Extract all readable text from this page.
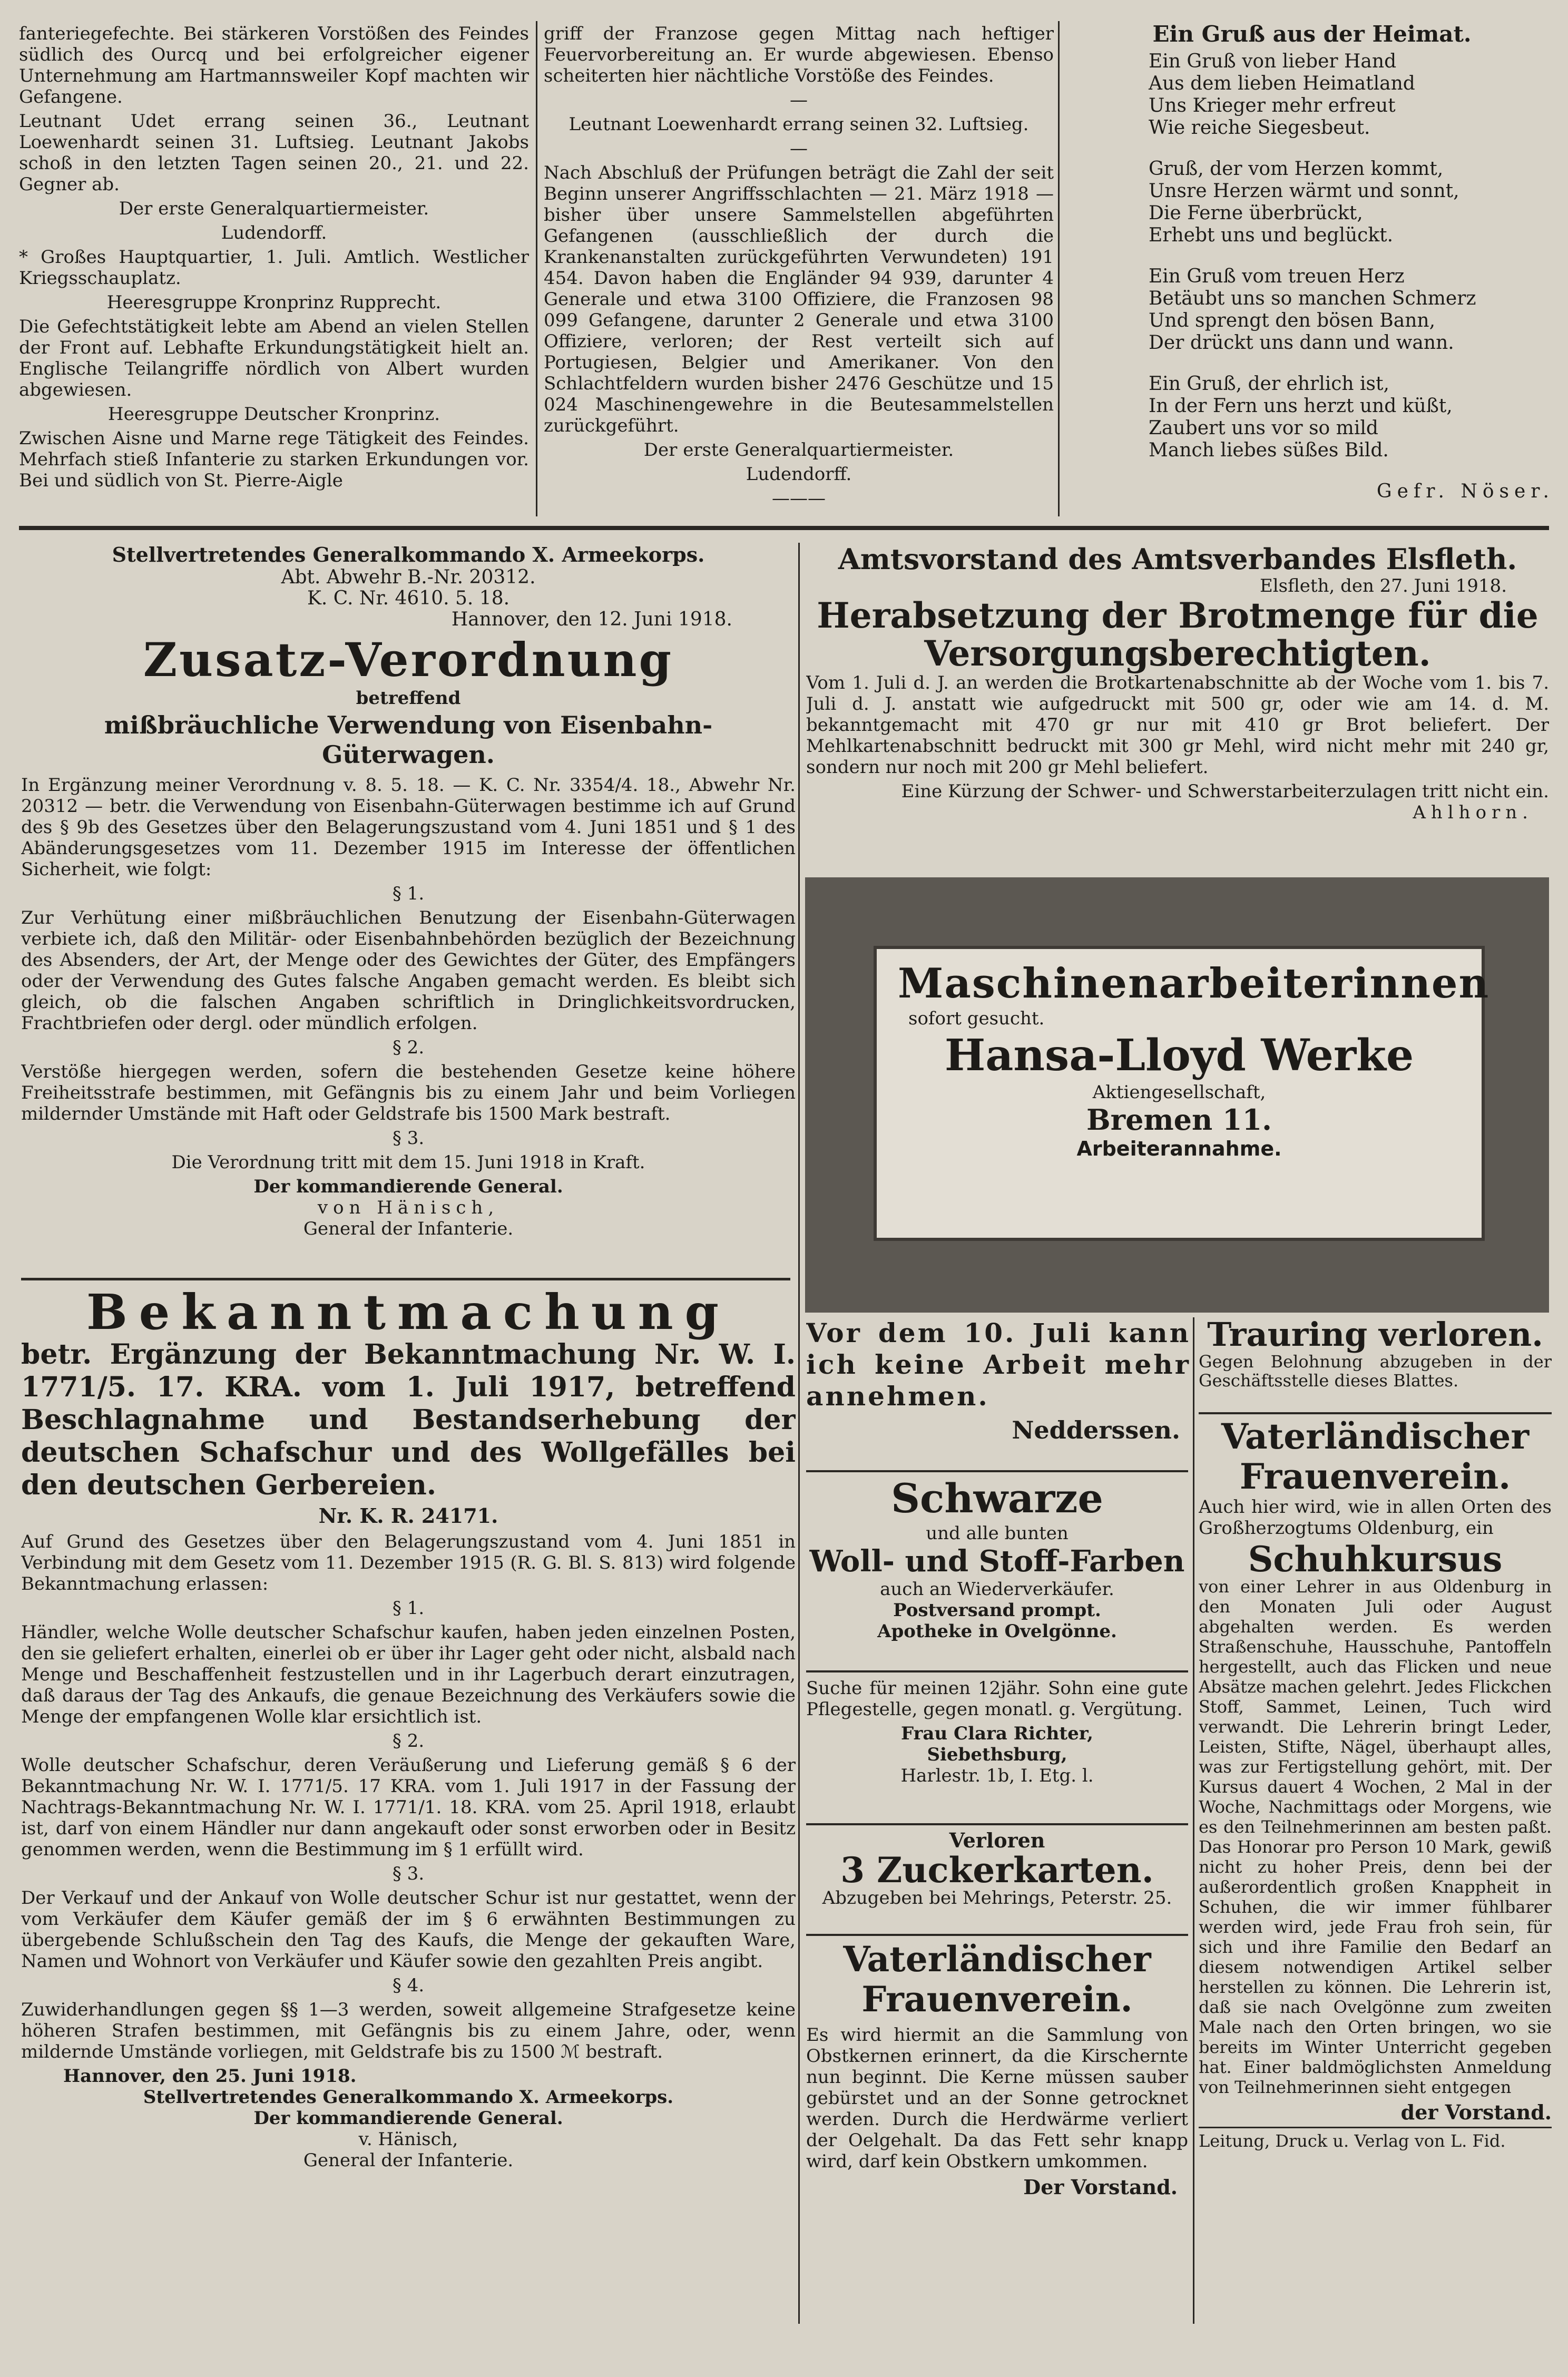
fanteriegefechte. Bei stärkeren Vorstößen des Feindes südlich des Ourcq und bei erfolgreicher eigener Unternehmung am Hartmannsweiler Kopf machten wir Gefangene.

Leutnant Udet errang seinen 36., Leutnant Loewenhardt seinen 31. Luftsieg. Leutnant Jakobs schoß in den letzten Tagen seinen 20., 21. und 22. Gegner ab.

Der erste Generalquartiermeister.

Ludendorff.

* Großes Hauptquartier, 1. Juli. Amtlich. Westlicher Kriegsschauplatz.

Heeresgruppe Kronprinz Rupprecht.

Die Gefechtstätigkeit lebte am Abend an vielen Stellen der Front auf. Lebhafte Erkundungstätigkeit hielt an. Englische Teilangriffe nördlich von Albert wurden abgewiesen.

Heeresgruppe Deutscher Kronprinz.

Zwischen Aisne und Marne rege Tätigkeit des Feindes. Mehrfach stieß Infanterie zu starken Erkundungen vor. Bei und südlich von St. Pierre-Aigle

griff der Franzose gegen Mittag nach heftiger Feuervorbereitung an. Er wurde abgewiesen. Ebenso scheiterten hier nächtliche Vorstöße des Feindes.

—

Leutnant Loewenhardt errang seinen 32. Luftsieg.

—

Nach Abschluß der Prüfungen beträgt die Zahl der seit Beginn unserer Angriffsschlachten — 21. März 1918 — bisher über unsere Sammelstellen abgeführten Gefangenen (ausschließlich der durch die Krankenanstalten zurückgeführten Verwundeten) 191 454. Davon haben die Engländer 94 939, darunter 4 Generale und etwa 3100 Offiziere, die Franzosen 98 099 Gefangene, darunter 2 Generale und etwa 3100 Offiziere, verloren; der Rest verteilt sich auf Portugiesen, Belgier und Amerikaner. Von den Schlachtfeldern wurden bisher 2476 Geschütze und 15 024 Maschinengewehre in die Beutesammelstellen zurückgeführt.

Der erste Generalquartiermeister.

Ludendorff.

———

Ein Gruß aus der Heimat.

Ein Gruß von lieber Hand

Aus dem lieben Heimatland

Uns Krieger mehr erfreut

Wie reiche Siegesbeut.

Gruß, der vom Herzen kommt,

Unsre Herzen wärmt und sonnt,

Die Ferne überbrückt,

Erhebt uns und beglückt.

Ein Gruß vom treuen Herz

Betäubt uns so manchen Schmerz

Und sprengt den bösen Bann,

Der drückt uns dann und wann.

Ein Gruß, der ehrlich ist,

In der Fern uns herzt und küßt,

Zaubert uns vor so mild

Manch liebes süßes Bild.

Gefr. Nöser.

Stellvertretendes Generalkommando X. Armeekorps.

Abt. Abwehr B.-Nr. 20312.

K. C. Nr. 4610. 5. 18.

Hannover, den 12. Juni 1918.

Zusatz-Verordnung

betreffend

mißbräuchliche Verwendung von Eisenbahn-Güterwagen.

In Ergänzung meiner Verordnung v. 8. 5. 18. — K. C. Nr. 3354/4. 18., Abwehr Nr. 20312 — betr. die Verwendung von Eisenbahn-Güterwagen bestimme ich auf Grund des § 9b des Gesetzes über den Belagerungszustand vom 4. Juni 1851 und § 1 des Abänderungsgesetzes vom 11. Dezember 1915 im Interesse der öffentlichen Sicherheit, wie folgt:

§ 1.

Zur Verhütung einer mißbräuchlichen Benutzung der Eisenbahn-Güterwagen verbiete ich, daß den Militär- oder Eisenbahnbehörden bezüglich der Bezeichnung des Absenders, der Art, der Menge oder des Gewichtes der Güter, des Empfängers oder der Verwendung des Gutes falsche Angaben gemacht werden. Es bleibt sich gleich, ob die falschen Angaben schriftlich in Dringlichkeitsvordrucken, Frachtbriefen oder dergl. oder mündlich erfolgen.

§ 2.

Verstöße hiergegen werden, sofern die bestehenden Gesetze keine höhere Freiheitsstrafe bestimmen, mit Gefängnis bis zu einem Jahr und beim Vorliegen mildernder Umstände mit Haft oder Geldstrafe bis 1500 Mark bestraft.

§ 3.

Die Verordnung tritt mit dem 15. Juni 1918 in Kraft.

Der kommandierende General.

von Hänisch,

General der Infanterie.

Bekanntmachung

betr. Ergänzung der Bekanntmachung Nr. W. I. 1771/5. 17. KRA. vom 1. Juli 1917, betreffend Beschlagnahme und Bestandserhebung der deutschen Schafschur und des Wollgefälles bei den deutschen Gerbereien.

Nr. K. R. 24171.

Auf Grund des Gesetzes über den Belagerungszustand vom 4. Juni 1851 in Verbindung mit dem Gesetz vom 11. Dezember 1915 (R. G. Bl. S. 813) wird folgende Bekanntmachung erlassen:

§ 1.

Händler, welche Wolle deutscher Schafschur kaufen, haben jeden einzelnen Posten, den sie geliefert erhalten, einerlei ob er über ihr Lager geht oder nicht, alsbald nach Menge und Beschaffenheit festzustellen und in ihr Lagerbuch derart einzutragen, daß daraus der Tag des Ankaufs, die genaue Bezeichnung des Verkäufers sowie die Menge der empfangenen Wolle klar ersichtlich ist.

§ 2.

Wolle deutscher Schafschur, deren Veräußerung und Lieferung gemäß § 6 der Bekanntmachung Nr. W. I. 1771/5. 17 KRA. vom 1. Juli 1917 in der Fassung der Nachtrags-Bekanntmachung Nr. W. I. 1771/1. 18. KRA. vom 25. April 1918, erlaubt ist, darf von einem Händler nur dann angekauft oder sonst erworben oder in Besitz genommen werden, wenn die Bestimmung im § 1 erfüllt wird.

§ 3.

Der Verkauf und der Ankauf von Wolle deutscher Schur ist nur gestattet, wenn der vom Verkäufer dem Käufer gemäß der im § 6 erwähnten Bestimmungen zu übergebende Schlußschein den Tag des Kaufs, die Menge der gekauften Ware, Namen und Wohnort von Verkäufer und Käufer sowie den gezahlten Preis angibt.

§ 4.

Zuwiderhandlungen gegen §§ 1—3 werden, soweit allgemeine Strafgesetze keine höheren Strafen bestimmen, mit Gefängnis bis zu einem Jahre, oder, wenn mildernde Umstände vorliegen, mit Geldstrafe bis zu 1500 ℳ bestraft.

Hannover, den 25. Juni 1918.

Stellvertretendes Generalkommando X. Armeekorps.

Der kommandierende General.

v. Hänisch,

General der Infanterie.

Amtsvorstand des Amtsverbandes Elsfleth.

Elsfleth, den 27. Juni 1918.

Herabsetzung der Brotmenge für die Versorgungsberechtigten.

Vom 1. Juli d. J. an werden die Brotkartenabschnitte ab der Woche vom 1. bis 7. Juli d. J. anstatt wie aufgedruckt mit 500 gr, oder wie am 14. d. M. bekanntgemacht mit 470 gr nur mit 410 gr Brot beliefert. Der Mehlkartenabschnitt bedruckt mit 300 gr Mehl, wird nicht mehr mit 240 gr, sondern nur noch mit 200 gr Mehl beliefert.

Eine Kürzung der Schwer- und Schwerstarbeiterzulagen tritt nicht ein.

Ahlhorn.

Maschinenarbeiterinnen

sofort gesucht.

Hansa-Lloyd Werke

Aktiengesellschaft,

Bremen 11.

Arbeiterannahme.

Vor dem 10. Juli kann ich keine Arbeit mehr annehmen.

Nedderssen.

Trauring verloren.

Gegen Belohnung abzugeben in der Geschäftsstelle dieses Blattes.

Schwarze

und alle bunten

Woll- und Stoff-Farben

auch an Wiederverkäufer.

Postversand prompt.

Apotheke in Ovelgönne.

Suche für meinen 12jähr. Sohn eine gute Pflegestelle, gegen monatl. g. Vergütung.

Frau Clara Richter,

Siebethsburg,

Harlestr. 1b, I. Etg. l.

Verloren

3 Zuckerkarten.

Abzugeben bei Mehrings, Peterstr. 25.

Vaterländischer Frauenverein.

Es wird hiermit an die Sammlung von Obstkernen erinnert, da die Kirschernte nun beginnt. Die Kerne müssen sauber gebürstet und an der Sonne getrocknet werden. Durch die Herdwärme verliert der Oelgehalt. Da das Fett sehr knapp wird, darf kein Obstkern umkommen.

Der Vorstand.

Vaterländischer Frauenverein.

Auch hier wird, wie in allen Orten des Großherzogtums Oldenburg, ein

Schuhkursus

von einer Lehrer in aus Oldenburg in den Monaten Juli oder August abgehalten werden. Es werden Straßenschuhe, Hausschuhe, Pantoffeln hergestellt, auch das Flicken und neue Absätze machen gelehrt. Jedes Flickchen Stoff, Sammet, Leinen, Tuch wird verwandt. Die Lehrerin bringt Leder, Leisten, Stifte, Nägel, überhaupt alles, was zur Fertigstellung gehört, mit. Der Kursus dauert 4 Wochen, 2 Mal in der Woche, Nachmittags oder Morgens, wie es den Teilnehmerinnen am besten paßt. Das Honorar pro Person 10 Mark, gewiß nicht zu hoher Preis, denn bei der außerordentlich großen Knappheit in Schuhen, die wir immer fühlbarer werden wird, jede Frau froh sein, für sich und ihre Familie den Bedarf an diesem notwendigen Artikel selber herstellen zu können. Die Lehrerin ist, daß sie nach Ovelgönne zum zweiten Male nach den Orten bringen, wo sie bereits im Winter Unterricht gegeben hat. Einer baldmöglichsten Anmeldung von Teilnehmerinnen sieht entgegen

der Vorstand.

Leitung, Druck u. Verlag von L. Fid.
